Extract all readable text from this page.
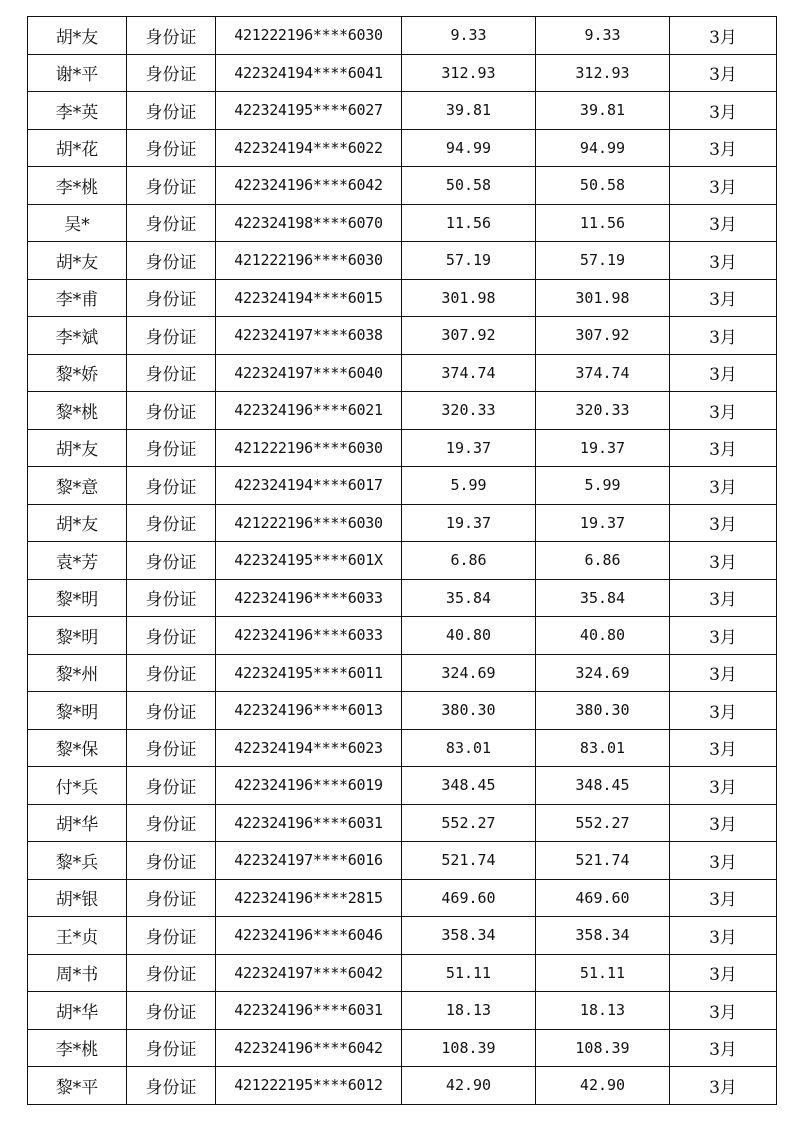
胡*友	身份证	421222196****6030	9.33	9.33	3月
谢*平	身份证	422324194****6041	312.93	312.93	3月
李*英	身份证	422324195****6027	39.81	39.81	3月
胡*花	身份证	422324194****6022	94.99	94.99	3月
李*桃	身份证	422324196****6042	50.58	50.58	3月
吴*	身份证	422324198****6070	11.56	11.56	3月
胡*友	身份证	421222196****6030	57.19	57.19	3月
李*甫	身份证	422324194****6015	301.98	301.98	3月
李*斌	身份证	422324197****6038	307.92	307.92	3月
黎*娇	身份证	422324197****6040	374.74	374.74	3月
黎*桃	身份证	422324196****6021	320.33	320.33	3月
胡*友	身份证	421222196****6030	19.37	19.37	3月
黎*意	身份证	422324194****6017	5.99	5.99	3月
胡*友	身份证	421222196****6030	19.37	19.37	3月
袁*芳	身份证	422324195****601X	6.86	6.86	3月
黎*明	身份证	422324196****6033	35.84	35.84	3月
黎*明	身份证	422324196****6033	40.80	40.80	3月
黎*州	身份证	422324195****6011	324.69	324.69	3月
黎*明	身份证	422324196****6013	380.30	380.30	3月
黎*保	身份证	422324194****6023	83.01	83.01	3月
付*兵	身份证	422324196****6019	348.45	348.45	3月
胡*华	身份证	422324196****6031	552.27	552.27	3月
黎*兵	身份证	422324197****6016	521.74	521.74	3月
胡*银	身份证	422324196****2815	469.60	469.60	3月
王*贞	身份证	422324196****6046	358.34	358.34	3月
周*书	身份证	422324197****6042	51.11	51.11	3月
胡*华	身份证	422324196****6031	18.13	18.13	3月
李*桃	身份证	422324196****6042	108.39	108.39	3月
黎*平	身份证	421222195****6012	42.90	42.90	3月
